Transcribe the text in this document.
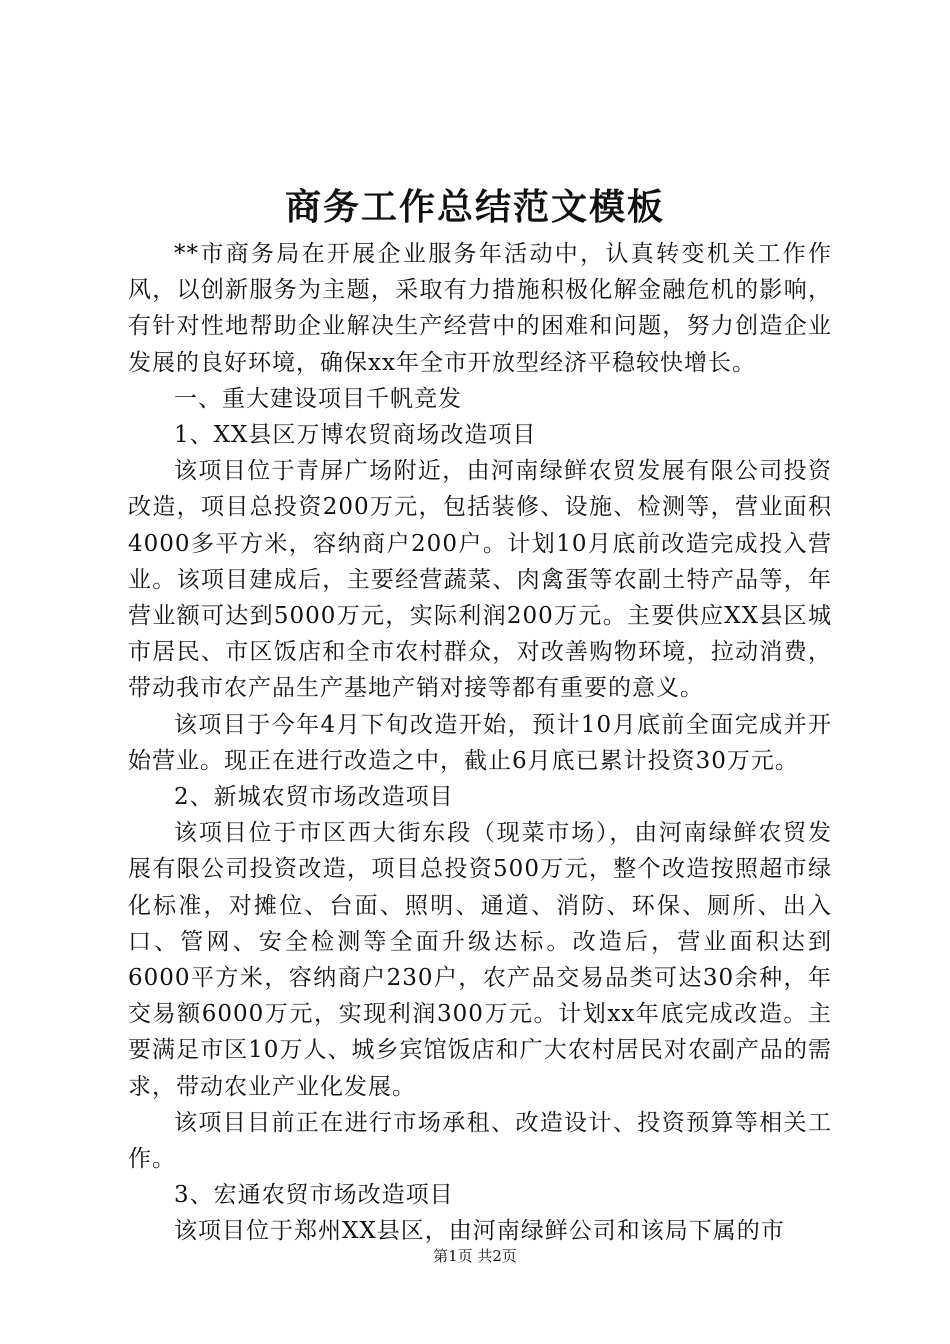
商务工作总结范文模板

**市商务局在开展企业服务年活动中，认真转变机关工作作风，以创新服务为主题，采取有力措施积极化解金融危机的影响，有针对性地帮助企业解决生产经营中的困难和问题，努力创造企业发展的良好环境，确保xx年全市开放型经济平稳较快增长。

一、重大建设项目千帆竞发

1、XX县区万博农贸商场改造项目

该项目位于青屏广场附近，由河南绿鲜农贸发展有限公司投资改造，项目总投资200万元，包括装修、设施、检测等，营业面积4000多平方米，容纳商户200户。计划10月底前改造完成投入营业。该项目建成后，主要经营蔬菜、肉禽蛋等农副土特产品等，年营业额可达到5000万元，实际利润200万元。主要供应XX县区城市居民、市区饭店和全市农村群众，对改善购物环境，拉动消费，带动我市农产品生产基地产销对接等都有重要的意义。

该项目于今年4月下旬改造开始，预计10月底前全面完成并开始营业。现正在进行改造之中，截止6月底已累计投资30万元。

2、新城农贸市场改造项目

该项目位于市区西大街东段（现菜市场），由河南绿鲜农贸发展有限公司投资改造，项目总投资500万元，整个改造按照超市绿化标准，对摊位、台面、照明、通道、消防、环保、厕所、出入口、管网、安全检测等全面升级达标。改造后，营业面积达到6000平方米，容纳商户230户，农产品交易品类可达30余种，年交易额6000万元，实现利润300万元。计划xx年底完成改造。主要满足市区10万人、城乡宾馆饭店和广大农村居民对农副产品的需求，带动农业产业化发展。

该项目目前正在进行市场承租、改造设计、投资预算等相关工作。

3、宏通农贸市场改造项目

该项目位于郑州XX县区，由河南绿鲜公司和该局下属的市

第1页 共2页
